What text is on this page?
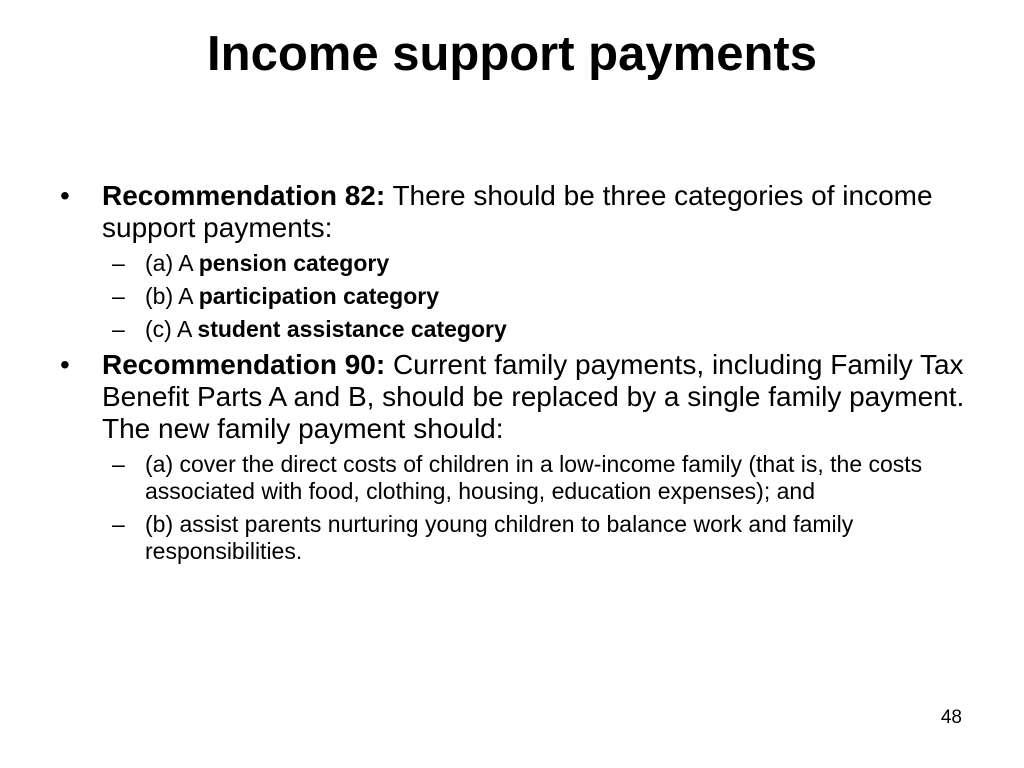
Income support payments
• Recommendation 82: There should be three categories of income support payments:
– (a) A pension category
– (b) A participation category
– (c) A student assistance category
• Recommendation 90: Current family payments, including Family Tax Benefit Parts A and B, should be replaced by a single family payment. The new family payment should:
– (a) cover the direct costs of children in a low-income family (that is, the costs associated with food, clothing, housing, education expenses); and
– (b) assist parents nurturing young children to balance work and family responsibilities.
48
